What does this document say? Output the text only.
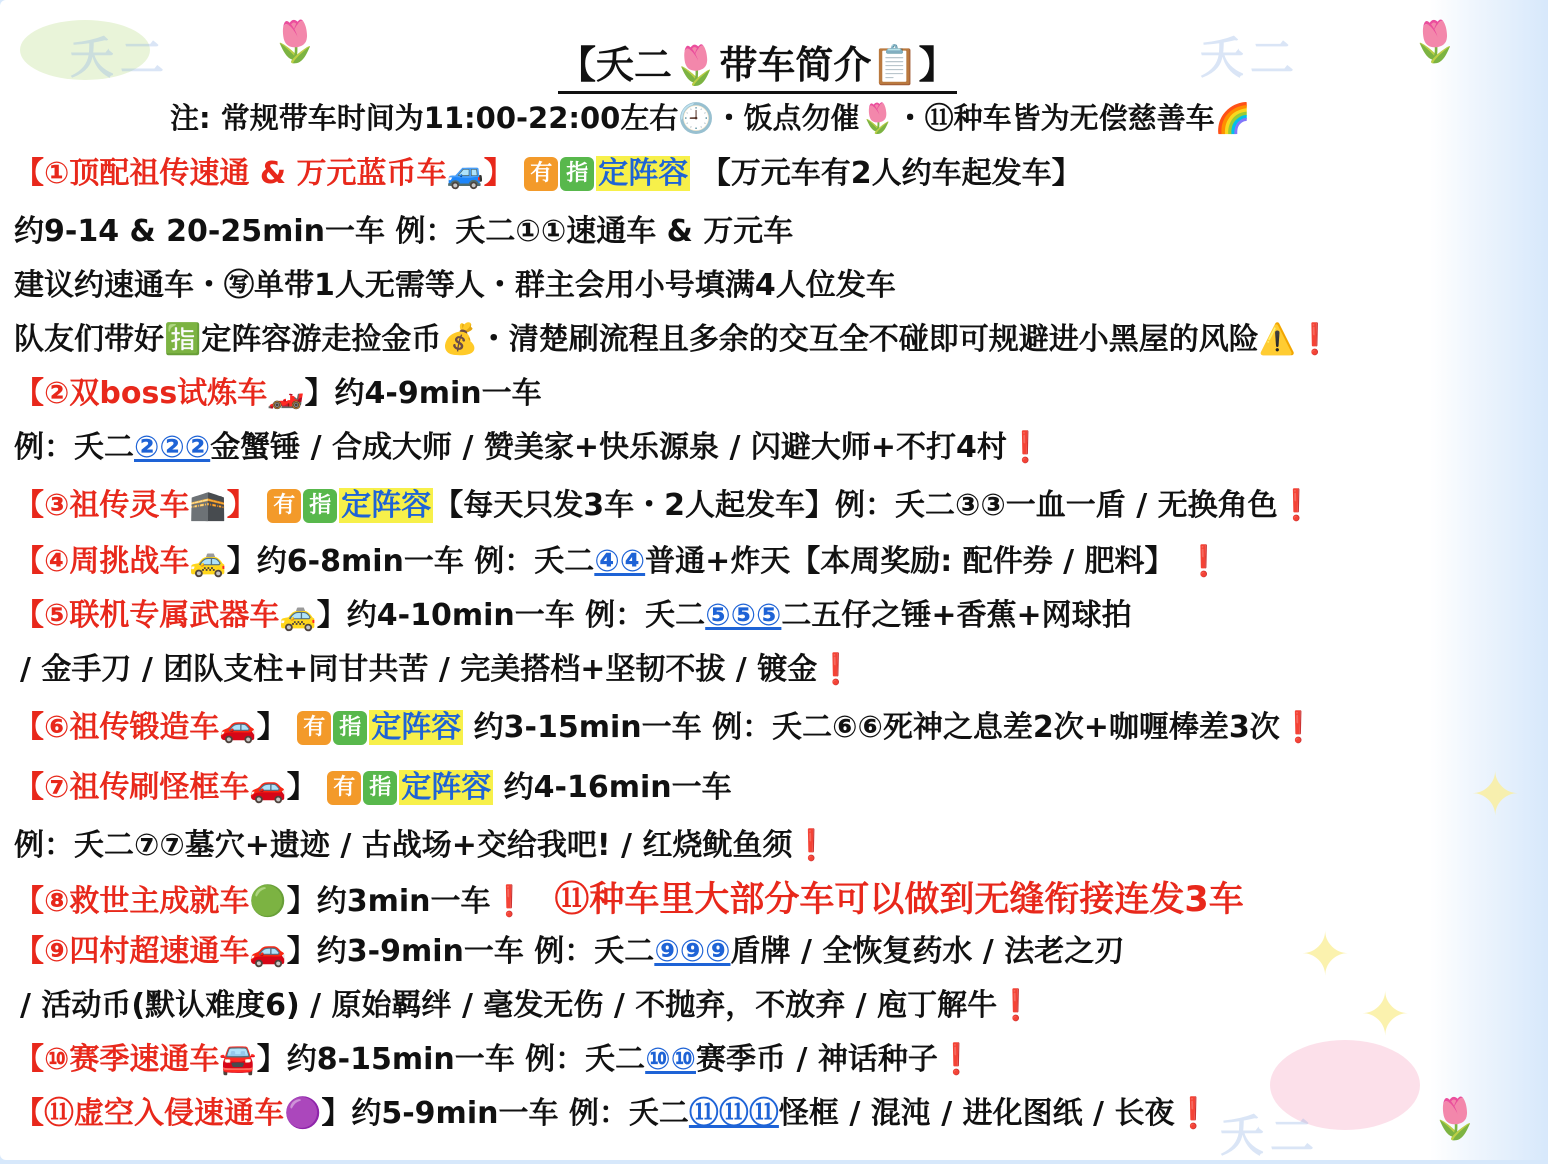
夭二	夭二
夭二
🌷	🌷
🌷
✦
✦
✦
【夭二🌷带车简介📋】
注: 常规带车时间为11:00-22:00左右🕘・饭点勿催🌷・⑪种车皆为无偿慈善车🌈
【①顶配祖传速通 & 万元蓝币车🚙】 有 指 定阵容 【万元车有2人约车起发车】
约9-14 & 20-25min一车 例：夭二①①速通车 & 万元车
建议约速通车・㊢单带1人无需等人・群主会用小号填满4人位发车
队友们带好🈯定阵容游走捡金币💰・清楚刷流程且多余的交互全不碰即可规避进小黑屋的风险⚠️❗
【②双boss试炼车🏎️】约4-9min一车
例：夭二②②②金蟹锤 / 合成大师 / 赞美家+快乐源泉 / 闪避大师+不打4村❗
【③祖传灵车🕋】 有 指 定阵容【每天只发3车・2人起发车】例：夭二③③一血一盾 / 无换角色❗
【④周挑战车🚕】约6-8min一车 例：夭二④④普通+炸天【本周奖励: 配件券 / 肥料】 ❗
【⑤联机专属武器车🚕】约4-10min一车 例：夭二⑤⑤⑤二五仔之锤+香蕉+网球拍
/ 金手刀 / 团队支柱+同甘共苦 / 完美搭档+坚韧不拔 / 镀金❗
【⑥祖传锻造车🚗】 有 指 定阵容 约3-15min一车 例：夭二⑥⑥死神之息差2次+咖喱棒差3次❗
【⑦祖传刷怪框车🚗】 有 指 定阵容 约4-16min一车
例：夭二⑦⑦墓穴+遗迹 / 古战场+交给我吧! / 红烧鱿鱼须❗
【⑧救世主成就车🟢】约3min一车❗ ⑪种车里大部分车可以做到无缝衔接连发3车
【⑨四村超速通车🚗】约3-9min一车 例：夭二⑨⑨⑨盾牌 / 全恢复药水 / 法老之刃
/ 活动币(默认难度6) / 原始羁绊 / 毫发无伤 / 不抛弃，不放弃 / 庖丁解牛❗
【⑩赛季速通车🚘】约8-15min一车 例：夭二⑩⑩赛季币 / 神话种子❗
【⑪虚空入侵速通车🟣】约5-9min一车 例：夭二⑪⑪⑪怪框 / 混沌 / 进化图纸 / 长夜❗
